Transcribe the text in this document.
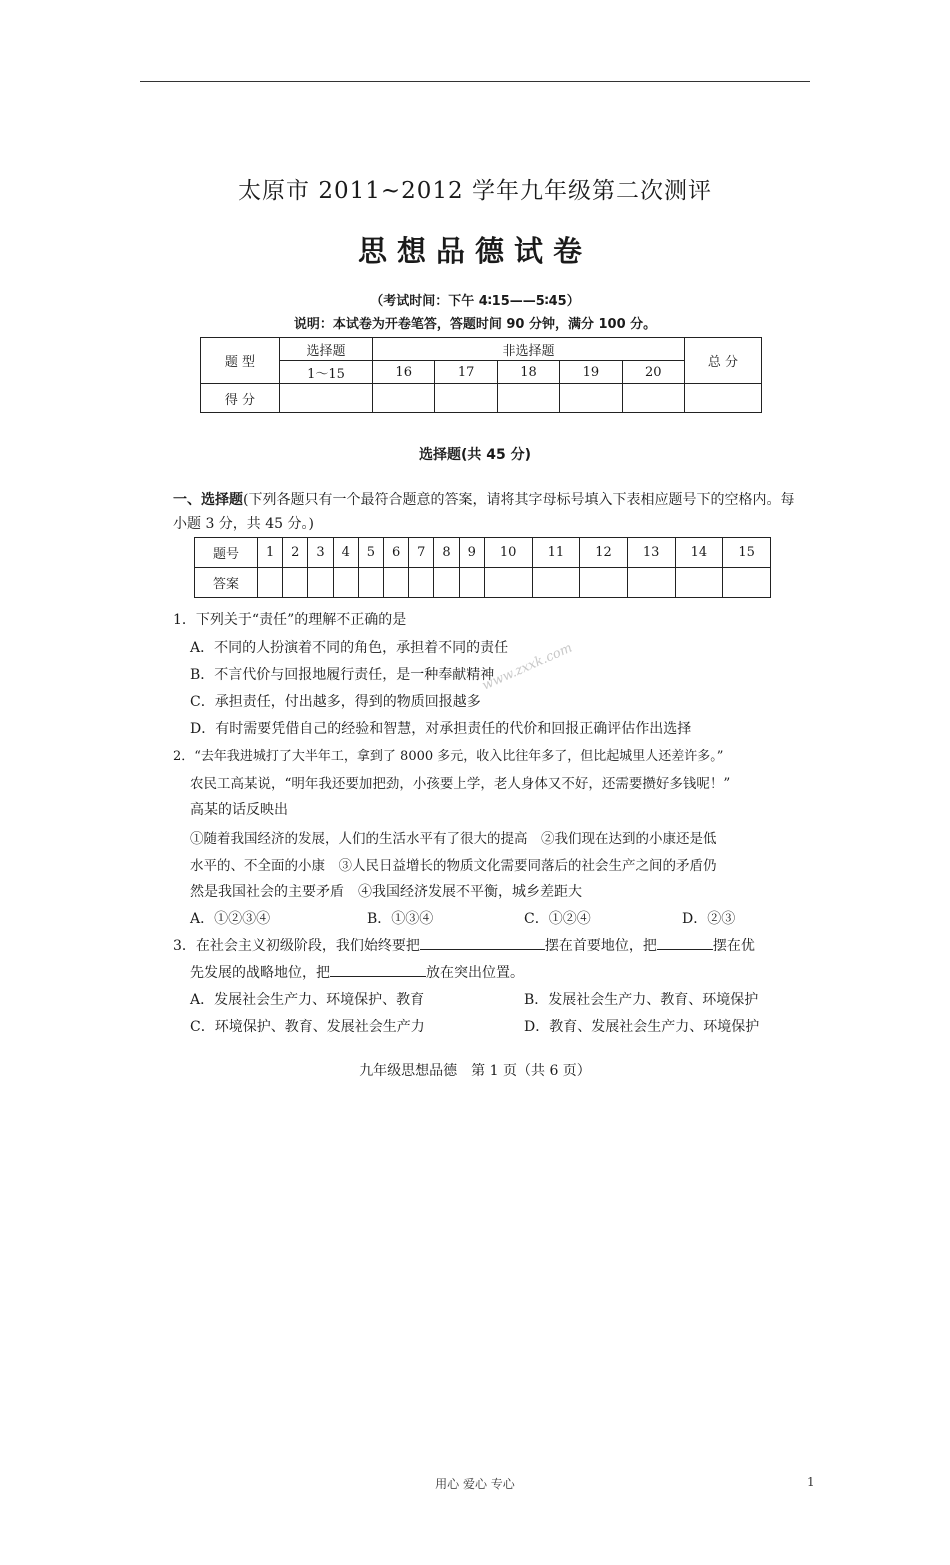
太原市 2011~2012 学年九年级第二次测评
思想品德试卷
（考试时间：下午 4∶15——5∶45）
说明：本试卷为开卷笔答，答题时间 90 分钟，满分 100 分。
题 型	选择题	非选择题					总 分
	1～15	16	17	18	19	20	
得 分							
选择题(共 45 分)
一、选择题(下列各题只有一个最符合题意的答案，请将其字母标号填入下表相应题号下的空格内。每小题 3 分，共 45 分。)
题号	1	2	3	4	5	6	7	8	9	10	11	12	13	14	15
答案															
www.zxxk.com
1．下列关于“责任”的理解不正确的是
A．不同的人扮演着不同的角色，承担着不同的责任
B．不言代价与回报地履行责任，是一种奉献精神
C．承担责任，付出越多，得到的物质回报越多
D．有时需要凭借自己的经验和智慧，对承担责任的代价和回报正确评估作出选择
2．“去年我进城打了大半年工，拿到了 8000 多元，收入比往年多了，但比起城里人还差许多。”
农民工高某说，“明年我还要加把劲，小孩要上学，老人身体又不好，还需要攒好多钱呢！”
高某的话反映出
①随着我国经济的发展，人们的生活水平有了很大的提高　②我们现在达到的小康还是低
水平的、不全面的小康　③人民日益增长的物质文化需要同落后的社会生产之间的矛盾仍
然是我国社会的主要矛盾　④我国经济发展不平衡，城乡差距大
A．①②③④	B．①③④	C．①②④	D．②③
3．在社会主义初级阶段，我们始终要把	摆在首要地位，把	摆在优
先发展的战略地位，把	放在突出位置。
A．发展社会生产力、环境保护、教育	B．发展社会生产力、教育、环境保护
C．环境保护、教育、发展社会生产力	D．教育、发展社会生产力、环境保护
九年级思想品德　第 1 页（共 6 页）
用心 爱心 专心	1
